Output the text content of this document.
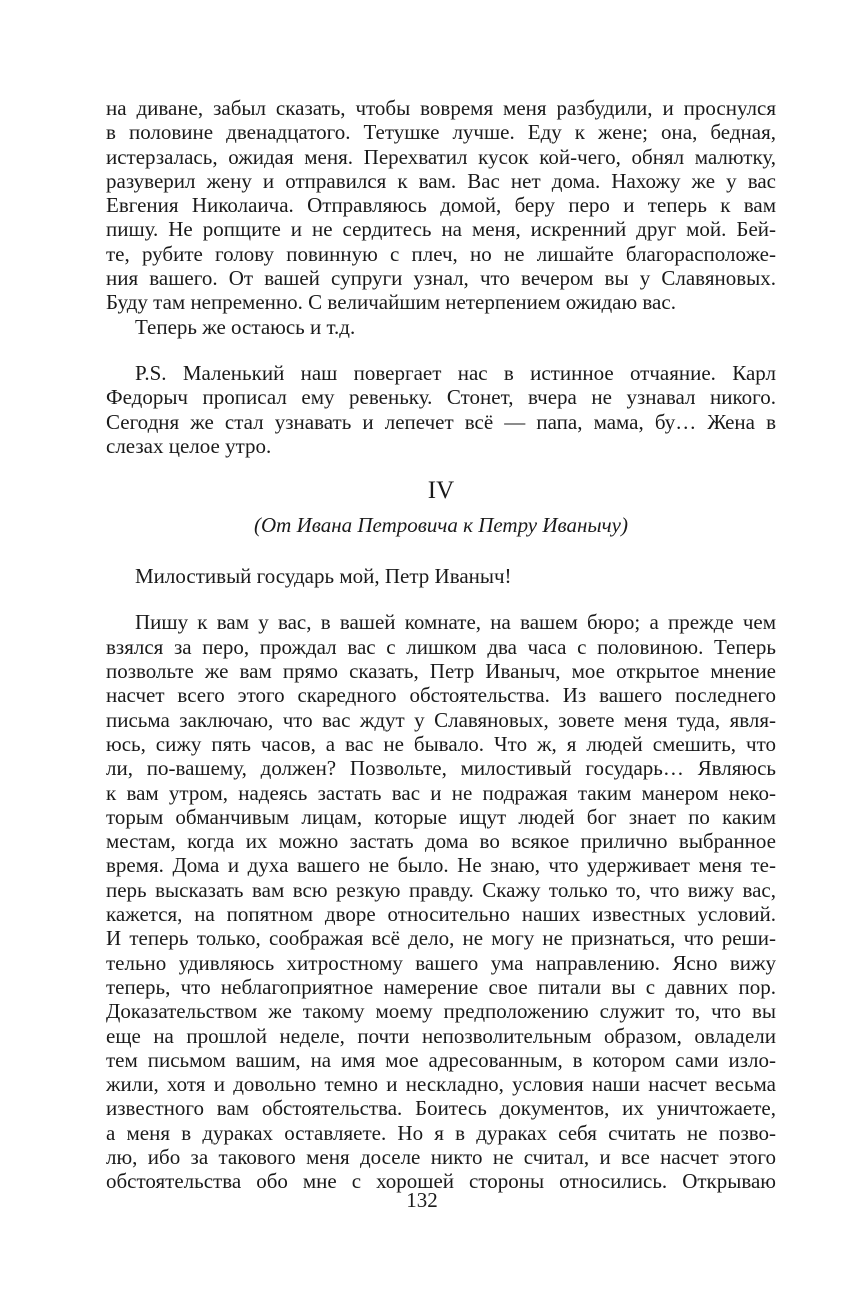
на диване, забыл сказать, чтобы вовремя меня разбудили, и проснулся
в половине двенадцатого. Тетушке лучше. Еду к жене; она, бедная,
истерзалась, ожидая меня. Перехватил кусок кой-чего, обнял малютку,
разуверил жену и отправился к вам. Вас нет дома. Нахожу же у вас
Евгения Николаича. Отправляюсь домой, беру перо и теперь к вам
пишу. Не ропщите и не сердитесь на меня, искренний друг мой. Бей-
те, рубите голову повинную с плеч, но не лишайте благорасположе-
ния вашего. От вашей супруги узнал, что вечером вы у Славяновых.
Буду там непременно. С величайшим нетерпением ожидаю вас.
Теперь же остаюсь и т.д.
P.S. Маленький наш повергает нас в истинное отчаяние. Карл
Федорыч прописал ему ревеньку. Стонет, вчера не узнавал никого.
Сегодня же стал узнавать и лепечет всё — папа, мама, бу… Жена в
слезах целое утро.
IV
(От Ивана Петровича к Петру Иванычу)
Милостивый государь мой, Петр Иваныч!
Пишу к вам у вас, в вашей комнате, на вашем бюро; а прежде чем
взялся за перо, прождал вас с лишком два часа с половиною. Теперь
позвольте же вам прямо сказать, Петр Иваныч, мое открытое мнение
насчет всего этого скаредного обстоятельства. Из вашего последнего
письма заключаю, что вас ждут у Славяновых, зовете меня туда, явля-
юсь, сижу пять часов, а вас не бывало. Что ж, я людей смешить, что
ли, по-вашему, должен? Позвольте, милостивый государь… Являюсь
к вам утром, надеясь застать вас и не подражая таким манером неко-
торым обманчивым лицам, которые ищут людей бог знает по каким
местам, когда их можно застать дома во всякое прилично выбранное
время. Дома и духа вашего не было. Не знаю, что удерживает меня те-
перь высказать вам всю резкую правду. Скажу только то, что вижу вас,
кажется, на попятном дворе относительно наших известных условий.
И теперь только, соображая всё дело, не могу не признаться, что реши-
тельно удивляюсь хитростному вашего ума направлению. Ясно вижу
теперь, что неблагоприятное намерение свое питали вы с давних пор.
Доказательством же такому моему предположению служит то, что вы
еще на прошлой неделе, почти непозволительным образом, овладели
тем письмом вашим, на имя мое адресованным, в котором сами изло-
жили, хотя и довольно темно и нескладно, условия наши насчет весьма
известного вам обстоятельства. Боитесь документов, их уничтожаете,
а меня в дураках оставляете. Но я в дураках себя считать не позво-
лю, ибо за такового меня доселе никто не считал, и все насчет этого
обстоятельства обо мне с хорошей стороны относились. Открываю
132
